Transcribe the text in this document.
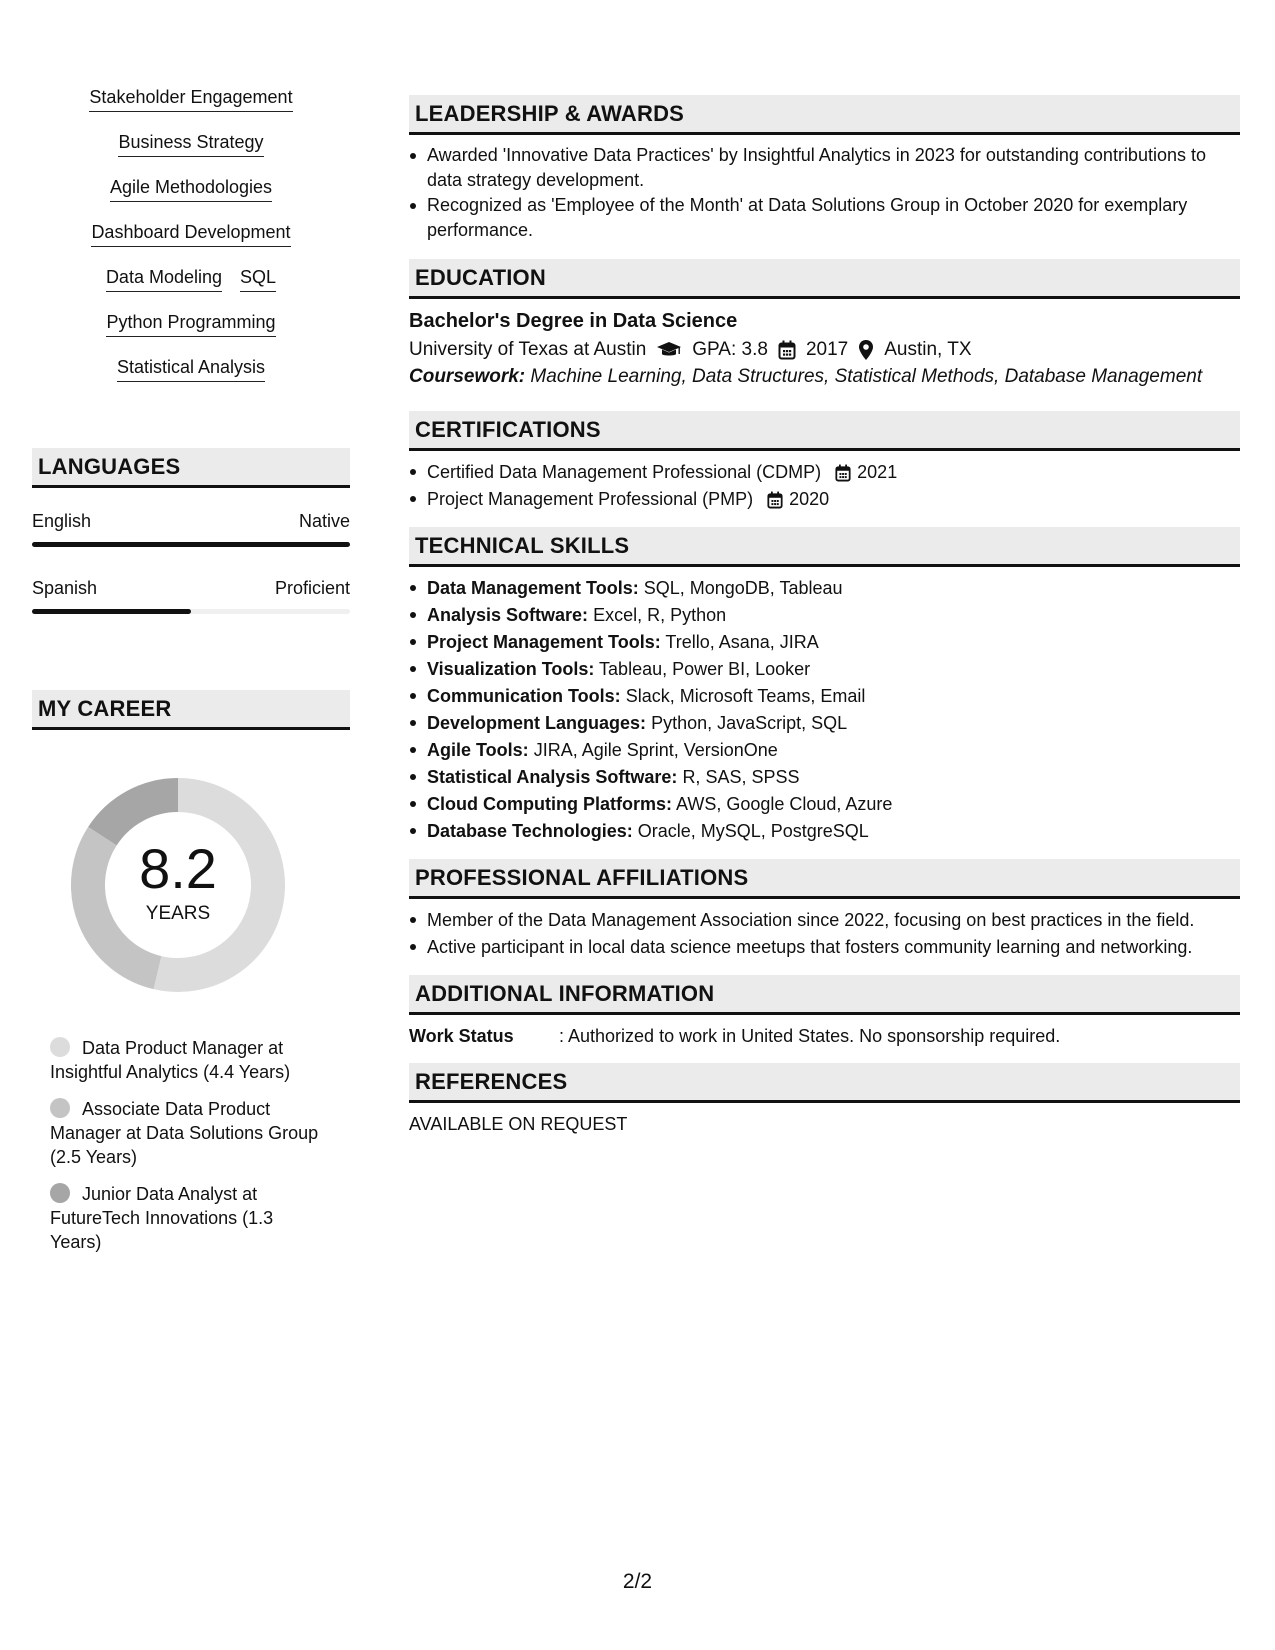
Stakeholder Engagement
Business Strategy
Agile Methodologies
Dashboard Development
Data Modeling SQL
Python Programming
Statistical Analysis
LANGUAGES
English	Native
Spanish	Proficient
MY CAREER
8.2
YEARS
Data Product Manager at Insightful Analytics (4.4 Years)
Associate Data Product Manager at Data Solutions Group (2.5 Years)
Junior Data Analyst at FutureTech Innovations (1.3 Years)
LEADERSHIP & AWARDS
Awarded 'Innovative Data Practices' by Insightful Analytics in 2023 for outstanding contributions to data strategy development.
Recognized as 'Employee of the Month' at Data Solutions Group in October 2020 for exemplary performance.
EDUCATION
Bachelor's Degree in Data Science
University of Texas at Austin GPA: 3.8 2017 Austin, TX
Coursework: Machine Learning, Data Structures, Statistical Methods, Database Management
CERTIFICATIONS
Certified Data Management Professional (CDMP) 2021
Project Management Professional (PMP) 2020
TECHNICAL SKILLS
Data Management Tools: SQL, MongoDB, Tableau
Analysis Software: Excel, R, Python
Project Management Tools: Trello, Asana, JIRA
Visualization Tools: Tableau, Power BI, Looker
Communication Tools: Slack, Microsoft Teams, Email
Development Languages: Python, JavaScript, SQL
Agile Tools: JIRA, Agile Sprint, VersionOne
Statistical Analysis Software: R, SAS, SPSS
Cloud Computing Platforms: AWS, Google Cloud, Azure
Database Technologies: Oracle, MySQL, PostgreSQL
PROFESSIONAL AFFILIATIONS
Member of the Data Management Association since 2022, focusing on best practices in the field.
Active participant in local data science meetups that fosters community learning and networking.
ADDITIONAL INFORMATION
Work Status	: Authorized to work in United States. No sponsorship required.
REFERENCES
AVAILABLE ON REQUEST
2/2
